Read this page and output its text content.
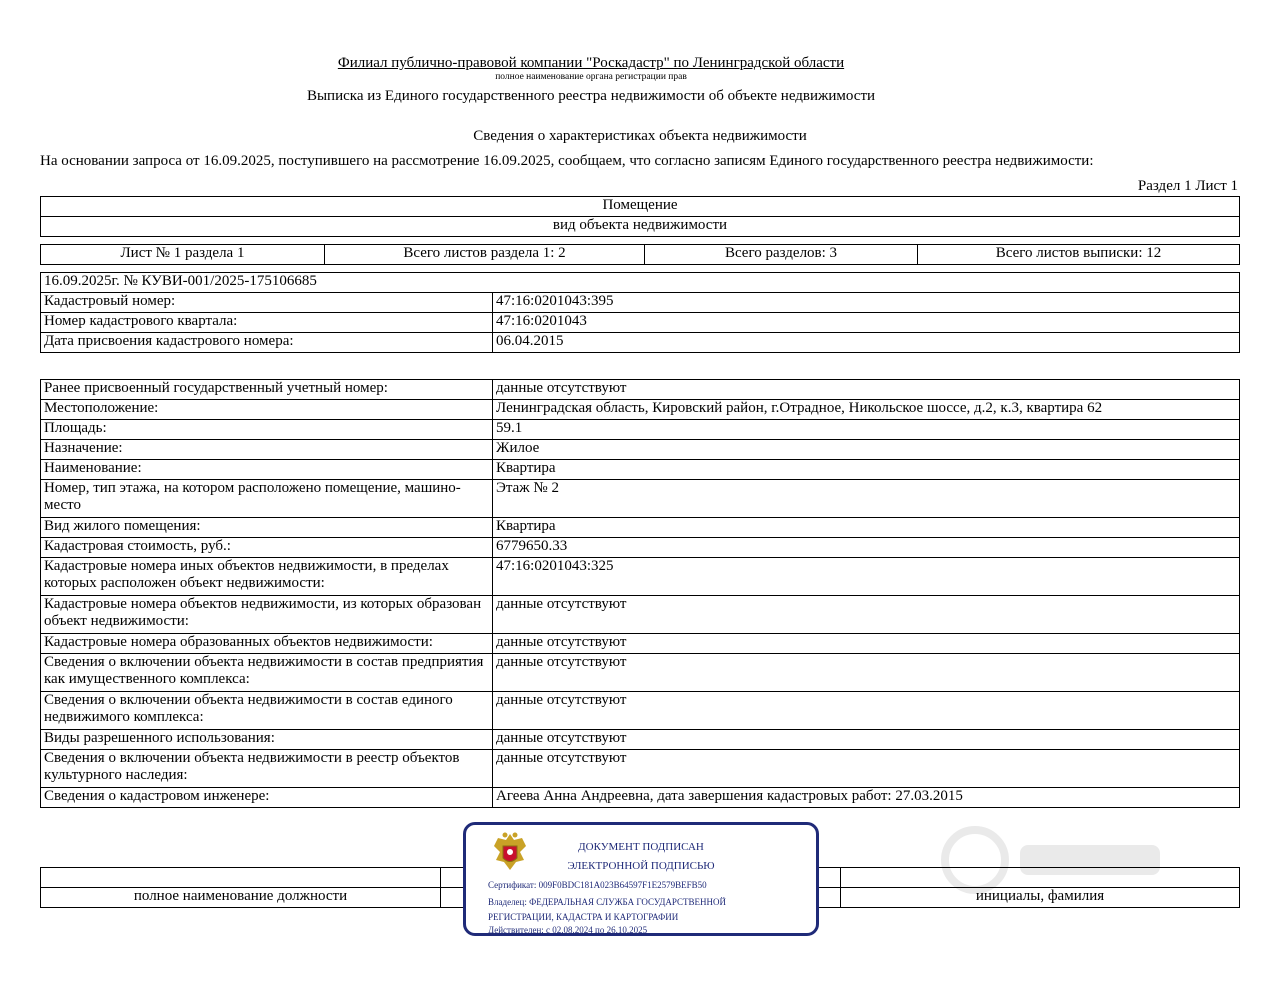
Филиал публично-правовой компании "Роскадастр" по Ленинградской области
полное наименование органа регистрации прав
Выписка из Единого государственного реестра недвижимости об объекте недвижимости
Сведения о характеристиках объекта недвижимости
На основании запроса от 16.09.2025, поступившего на рассмотрение 16.09.2025, сообщаем, что согласно записям Единого государственного реестра недвижимости:
Раздел 1 Лист 1
Помещение
вид объекта недвижимости
Лист № 1 раздела 1	Всего листов раздела 1: 2	Всего разделов: 3	Всего листов выписки: 12
16.09.2025г. № КУВИ-001/2025-175106685	
Кадастровый номер:	47:16:0201043:395
Номер кадастрового квартала:	47:16:0201043
Дата присвоения кадастрового номера:	06.04.2015
Ранее присвоенный государственный учетный номер:	данные отсутствуют
Местоположение:	Ленинградская область, Кировский район, г.Отрадное, Никольское шоссе, д.2, к.3, квартира 62
Площадь:	59.1
Назначение:	Жилое
Наименование:	Квартира
Номер, тип этажа, на котором расположено помещение, машино-место	Этаж № 2
Вид жилого помещения:	Квартира
Кадастровая стоимость, руб.:	6779650.33
Кадастровые номера иных объектов недвижимости, в пределах которых расположен объект недвижимости:	47:16:0201043:325
Кадастровые номера объектов недвижимости, из которых образован объект недвижимости:	данные отсутствуют
Кадастровые номера образованных объектов недвижимости:	данные отсутствуют
Сведения о включении объекта недвижимости в состав предприятия как имущественного комплекса:	данные отсутствуют
Сведения о включении объекта недвижимости в состав единого недвижимого комплекса:	данные отсутствуют
Виды разрешенного использования:	данные отсутствуют
Сведения о включении объекта недвижимости в реестр объектов культурного наследия:	данные отсутствуют
Сведения о кадастровом инженере:	Агеева Анна Андреевна, дата завершения кадастровых работ: 27.03.2015

полное наименование должности		инициалы, фамилия
ДОКУМЕНТ ПОДПИСАН
ЭЛЕКТРОННОЙ ПОДПИСЬЮ
Сертификат: 009F0BDC181A023B64597F1E2579BEFB50
Владелец: ФЕДЕРАЛЬНАЯ СЛУЖБА ГОСУДАРСТВЕННОЙ
РЕГИСТРАЦИИ, КАДАСТРА И КАРТОГРАФИИ
Действителен: с 02.08.2024 по 26.10.2025
